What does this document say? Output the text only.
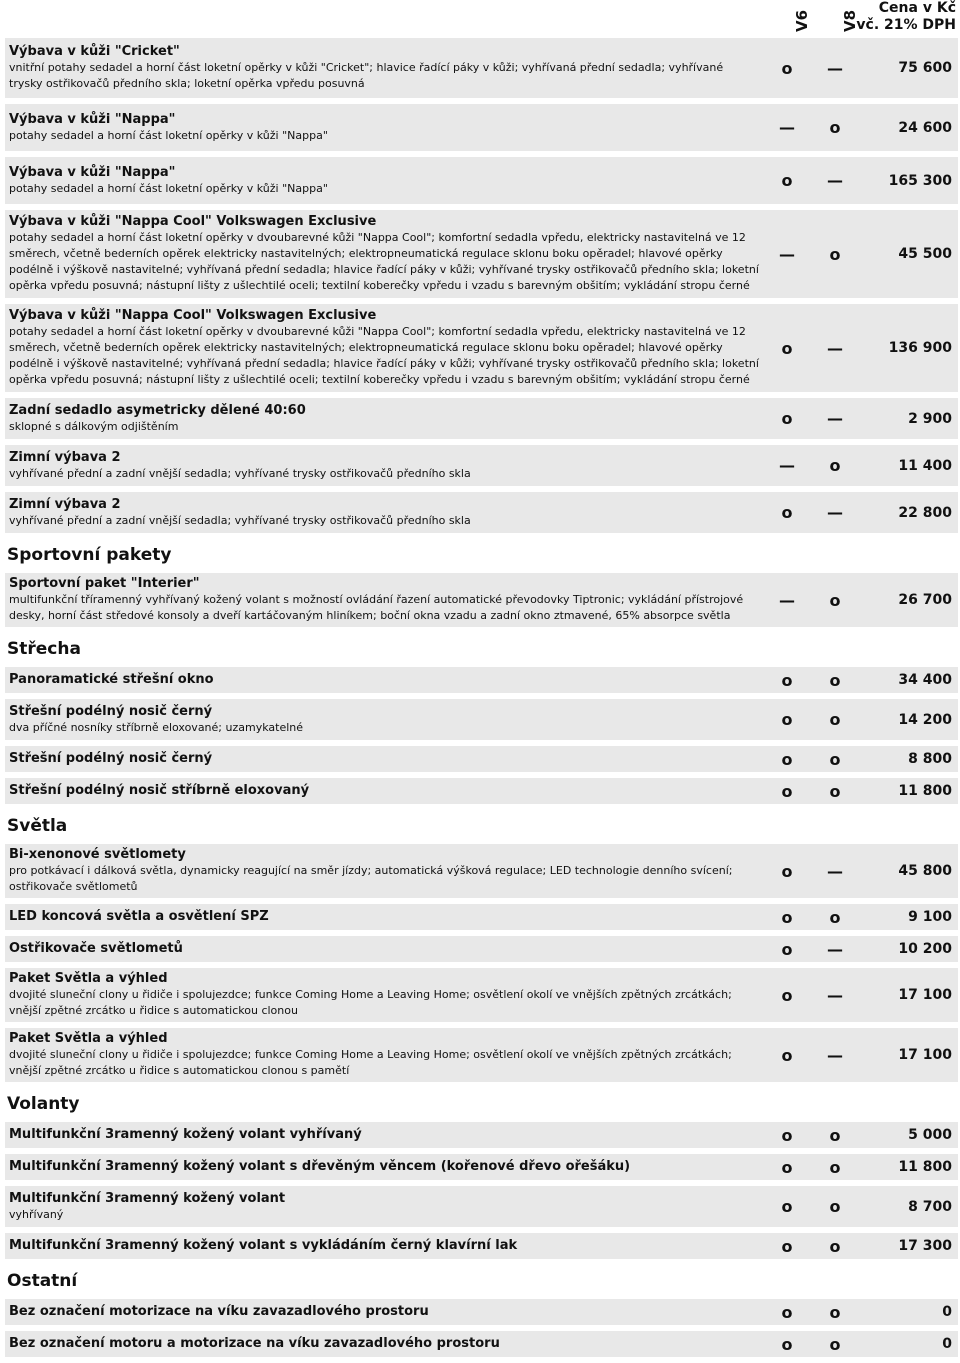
V6 V8
Cena v Kč
vč. 21% DPH
Výbava v kůži "Cricket"
vnitřní potahy sedadel a horní část loketní opěrky v kůži "Cricket"; hlavice řadící páky v kůži; vyhřívaná přední sedadla; vyhřívané trysky ostřikovačů předního skla; loketní opěrka vpředu posuvná
o	—	75 600
Výbava v kůži "Nappa"
potahy sedadel a horní část loketní opěrky v kůži "Nappa"	—	o	24 600
Výbava v kůži "Nappa"
potahy sedadel a horní část loketní opěrky v kůži "Nappa"	o	—	165 300
Výbava v kůži "Nappa Cool" Volkswagen Exclusive
potahy sedadel a horní část loketní opěrky v dvoubarevné kůži "Nappa Cool"; komfortní sedadla vpředu, elektricky nastavitelná ve 12 směrech, včetně bederních opěrek elektricky nastavitelných; elektropneumatická regulace sklonu boku opěradel; hlavové opěrky podélně i výškově nastavitelné; vyhřívaná přední sedadla; hlavice řadící páky v kůži; vyhřívané trysky ostřikovačů předního skla; loketní opěrka vpředu posuvná; nástupní lišty z ušlechtilé oceli; textilní koberečky vpředu i vzadu s barevným obšitím; vykládání stropu černé
—	o	45 500
Výbava v kůži "Nappa Cool" Volkswagen Exclusive
potahy sedadel a horní část loketní opěrky v dvoubarevné kůži "Nappa Cool"; komfortní sedadla vpředu, elektricky nastavitelná ve 12 směrech, včetně bederních opěrek elektricky nastavitelných; elektropneumatická regulace sklonu boku opěradel; hlavové opěrky podélně i výškově nastavitelné; vyhřívaná přední sedadla; hlavice řadící páky v kůži; vyhřívané trysky ostřikovačů předního skla; loketní opěrka vpředu posuvná; nástupní lišty z ušlechtilé oceli; textilní koberečky vpředu i vzadu s barevným obšitím; vykládání stropu černé
o	—	136 900
Zadní sedadlo asymetricky dělené 40:60
sklopné s dálkovým odjištěním	o	—	2 900
Zimní výbava 2
vyhřívané přední a zadní vnější sedadla; vyhřívané trysky ostřikovačů předního skla	—	o	11 400
Zimní výbava 2
vyhřívané přední a zadní vnější sedadla; vyhřívané trysky ostřikovačů předního skla	o	—	22 800
Sportovní pakety
Sportovní paket "Interier"
multifunkční tříramenný vyhřívaný kožený volant s možností ovládání řazení automatické převodovky Tiptronic; vykládání přístrojové desky, horní část středové konsoly a dveří kartáčovaným hliníkem; boční okna vzadu a zadní okno ztmavené, 65% absorpce světla
—	o	26 700
Střecha
Panoramatické střešní okno	o	o	34 400
Střešní podélný nosič černý
dva příčné nosníky stříbrně eloxované; uzamykatelné	o	o	14 200
Střešní podélný nosič černý	o	o	8 800
Střešní podélný nosič stříbrně eloxovaný	o	o	11 800
Světla
Bi-xenonové světlomety
pro potkávací i dálková světla, dynamicky reagující na směr jízdy; automatická výšková regulace; LED technologie denního svícení; ostřikovače světlometů
o	—	45 800
LED koncová světla a osvětlení SPZ	o	o	9 100
Ostřikovače světlometů	o	—	10 200
Paket Světla a výhled
dvojité sluneční clony u řidiče i spolujezdce; funkce Coming Home a Leaving Home; osvětlení okolí ve vnějších zpětných zrcátkách; vnější zpětné zrcátko u řidice s automatickou clonou
o	—	17 100
Paket Světla a výhled
dvojité sluneční clony u řidiče i spolujezdce; funkce Coming Home a Leaving Home; osvětlení okolí ve vnějších zpětných zrcátkách; vnější zpětné zrcátko u řidice s automatickou clonou s pamětí
o	—	17 100
Volanty
Multifunkční 3ramenný kožený volant vyhřívaný	o	o	5 000
Multifunkční 3ramenný kožený volant s dřevěným věncem (kořenové dřevo ořešáku)	o	o	11 800
Multifunkční 3ramenný kožený volant
vyhřívaný	o	o	8 700
Multifunkční 3ramenný kožený volant s vykládáním černý klavírní lak	o	o	17 300
Ostatní
Bez označení motorizace na víku zavazadlového prostoru	o	o	0
Bez označení motoru a motorizace na víku zavazadlového prostoru	o	o	0
